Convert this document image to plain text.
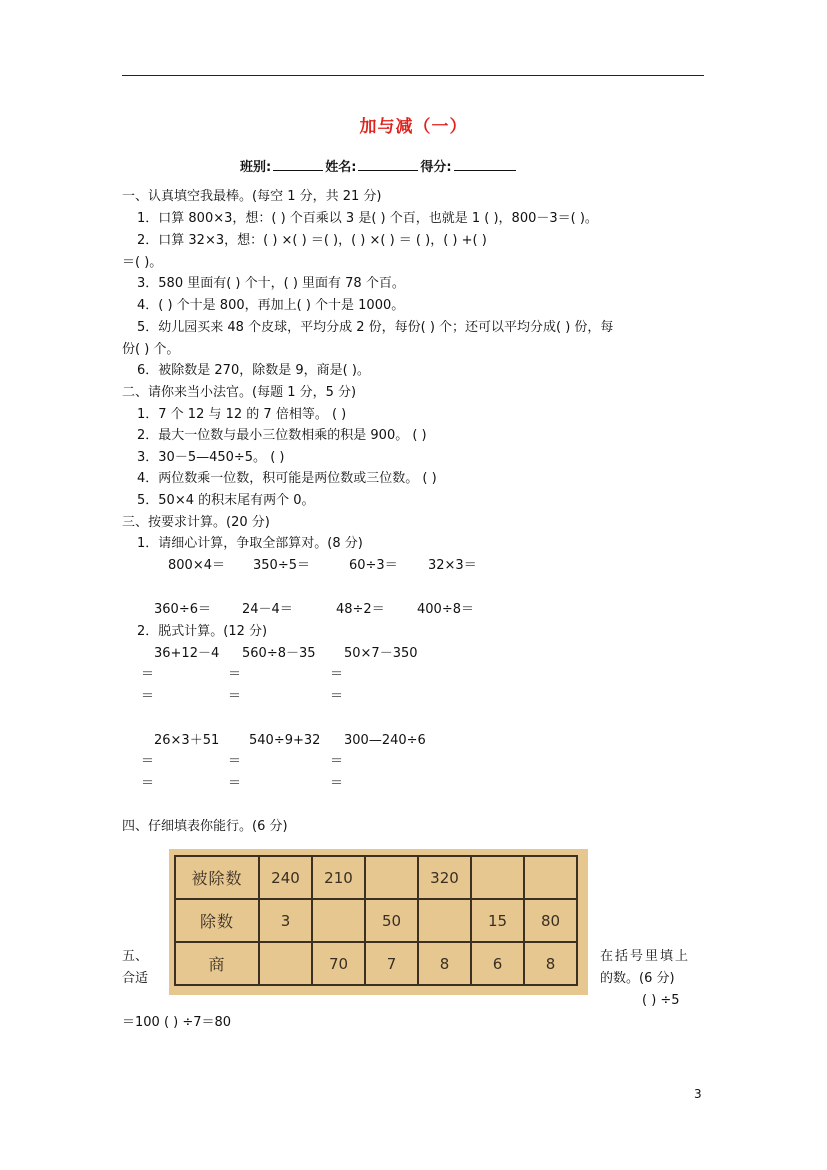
加与减（一）
班别:	姓名:	得分:
一、认真填空我最棒。(每空 1 分，共 21 分)
1．口算 800×3，想：( ) 个百乘以 3 是( ) 个百，也就是 1 ( )，800－3＝( )。
2．口算 32×3，想：( ) ×( ) ＝( )，( ) ×( ) ＝ ( )，( ) +( )
＝( )。
3．580 里面有( ) 个十，( ) 里面有 78 个百。
4．( ) 个十是 800，再加上( ) 个十是 1000。
5．幼儿园买来 48 个皮球，平均分成 2 份，每份( ) 个；还可以平均分成( ) 份，每
份( ) 个。
6．被除数是 270，除数是 9，商是( )。
二、请你来当小法官。(每题 1 分，5 分)
1．7 个 12 与 12 的 7 倍相等。 ( )
2．最大一位数与最小三位数相乘的积是 900。 ( )
3．30－5—450÷5。 ( )
4．两位数乘一位数，积可能是两位数或三位数。 ( )
5．50×4 的积末尾有两个 0。
三、按要求计算。(20 分)
1．请细心计算，争取全部算对。(8 分)
800×4＝ 350÷5＝	60÷3＝ 32×3＝
360÷6＝ 24－4＝	48÷2＝ 400÷8＝
2．脱式计算。(12 分)
36+12－4 560÷8－35 50×7－350
＝	＝	＝
＝	＝	＝
26×3＋51 540÷9+32 300—240÷6
＝	＝	＝
＝	＝	＝
四、仔细填表你能行。(6 分)
被除数	240	210		320		
除数	3		50		15	80
商		70	7	8	6	8
五、
合适
在括号里填上
的数。(6 分)
( ) ÷5
＝100 ( ) ÷7＝80
3
